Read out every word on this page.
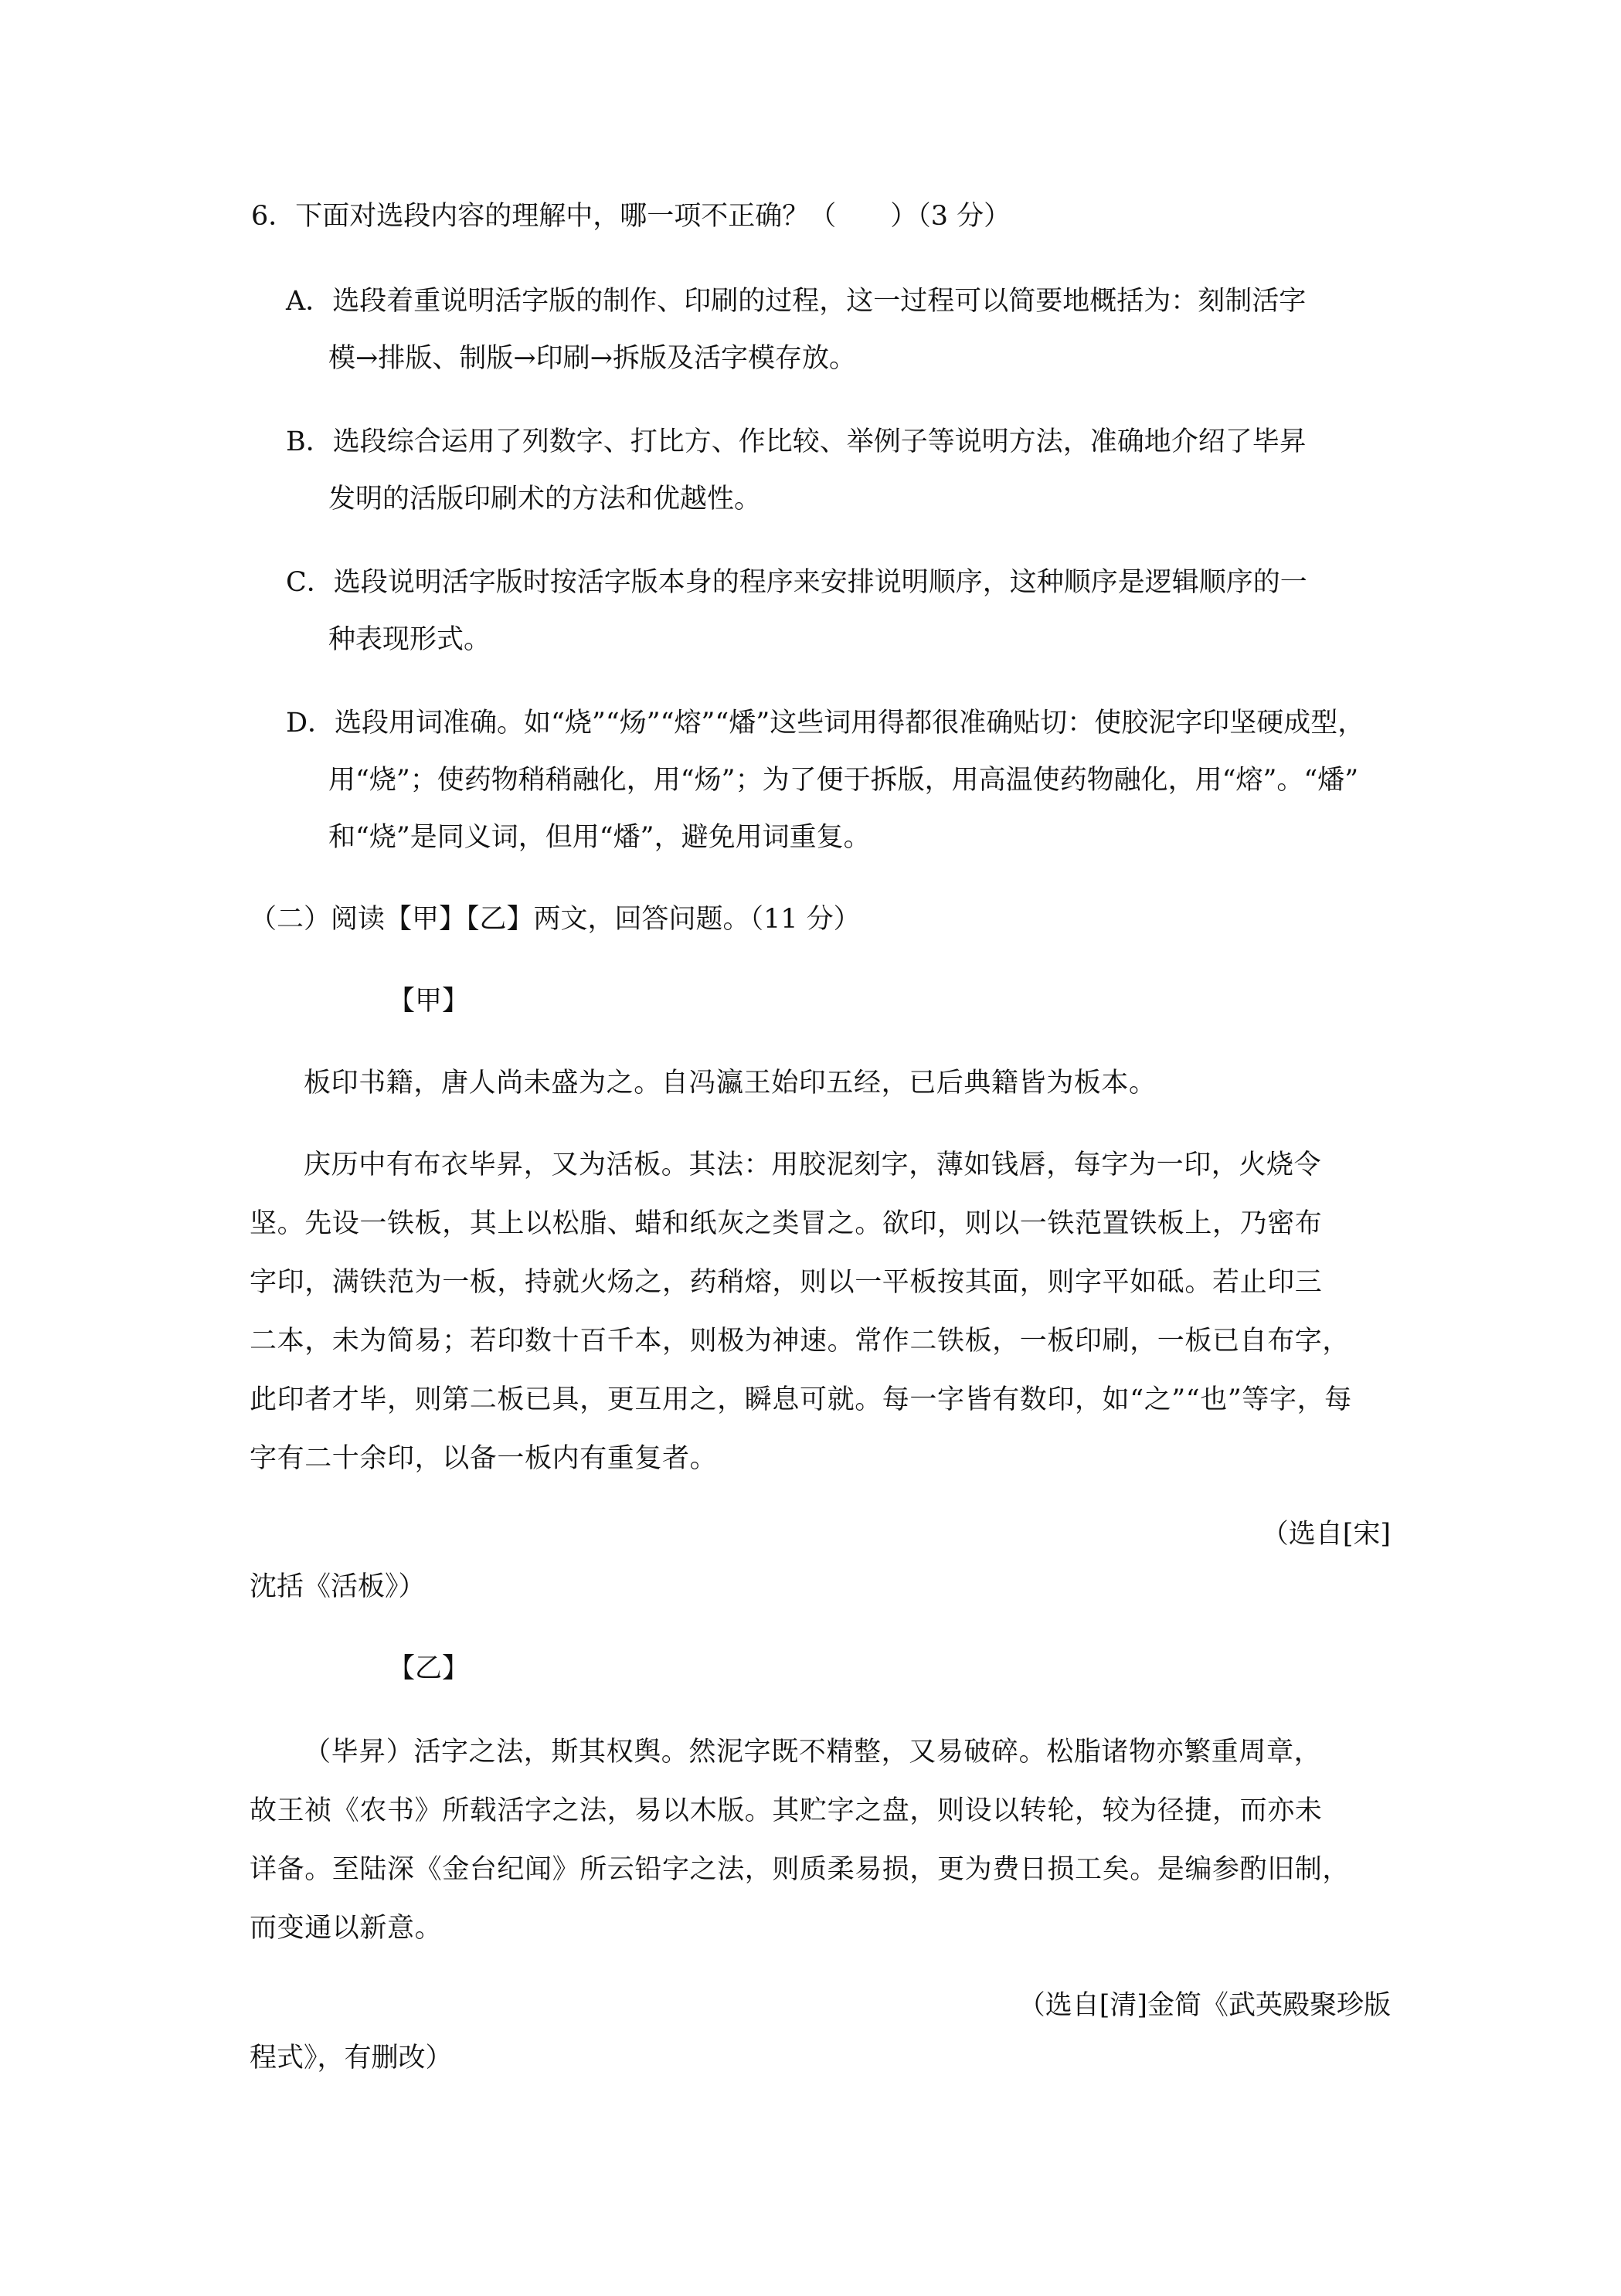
6．下面对选段内容的理解中，哪一项不正确？（　　）（3 分）
A．选段着重说明活字版的制作、印刷的过程，这一过程可以简要地概括为：刻制活字
模→排版、制版→印刷→拆版及活字模存放。
B．选段综合运用了列数字、打比方、作比较、举例子等说明方法，准确地介绍了毕昇
发明的活版印刷术的方法和优越性。
C．选段说明活字版时按活字版本身的程序来安排说明顺序，这种顺序是逻辑顺序的一
种表现形式。
D．选段用词准确。如“烧”“炀”“熔”“燔”这些词用得都很准确贴切：使胶泥字印坚硬成型，
用“烧”；使药物稍稍融化，用“炀”；为了便于拆版，用高温使药物融化，用“熔”。“燔”
和“烧”是同义词，但用“燔”，避免用词重复。
（二）阅读【甲】【乙】两文，回答问题。（11 分）
【甲】
板印书籍，唐人尚未盛为之。自冯瀛王始印五经，已后典籍皆为板本。
庆历中有布衣毕昇，又为活板。其法：用胶泥刻字，薄如钱唇，每字为一印，火烧令
坚。先设一铁板，其上以松脂、蜡和纸灰之类冒之。欲印，则以一铁范置铁板上，乃密布
字印，满铁范为一板，持就火炀之，药稍熔，则以一平板按其面，则字平如砥。若止印三
二本，未为简易；若印数十百千本，则极为神速。常作二铁板，一板印刷，一板已自布字，
此印者才毕，则第二板已具，更互用之，瞬息可就。每一字皆有数印，如“之”“也”等字，每
字有二十余印，以备一板内有重复者。
（选自[宋]
沈括《活板》）
【乙】
（毕昇）活字之法，斯其权舆。然泥字既不精整，又易破碎。松脂诸物亦繁重周章，
故王祯《农书》所载活字之法，易以木版。其贮字之盘，则设以转轮，较为径捷，而亦未
详备。至陆深《金台纪闻》所云铅字之法，则质柔易损，更为费日损工矣。是编参酌旧制，
而变通以新意。
（选自[清]金简《武英殿聚珍版
程式》，有删改）
